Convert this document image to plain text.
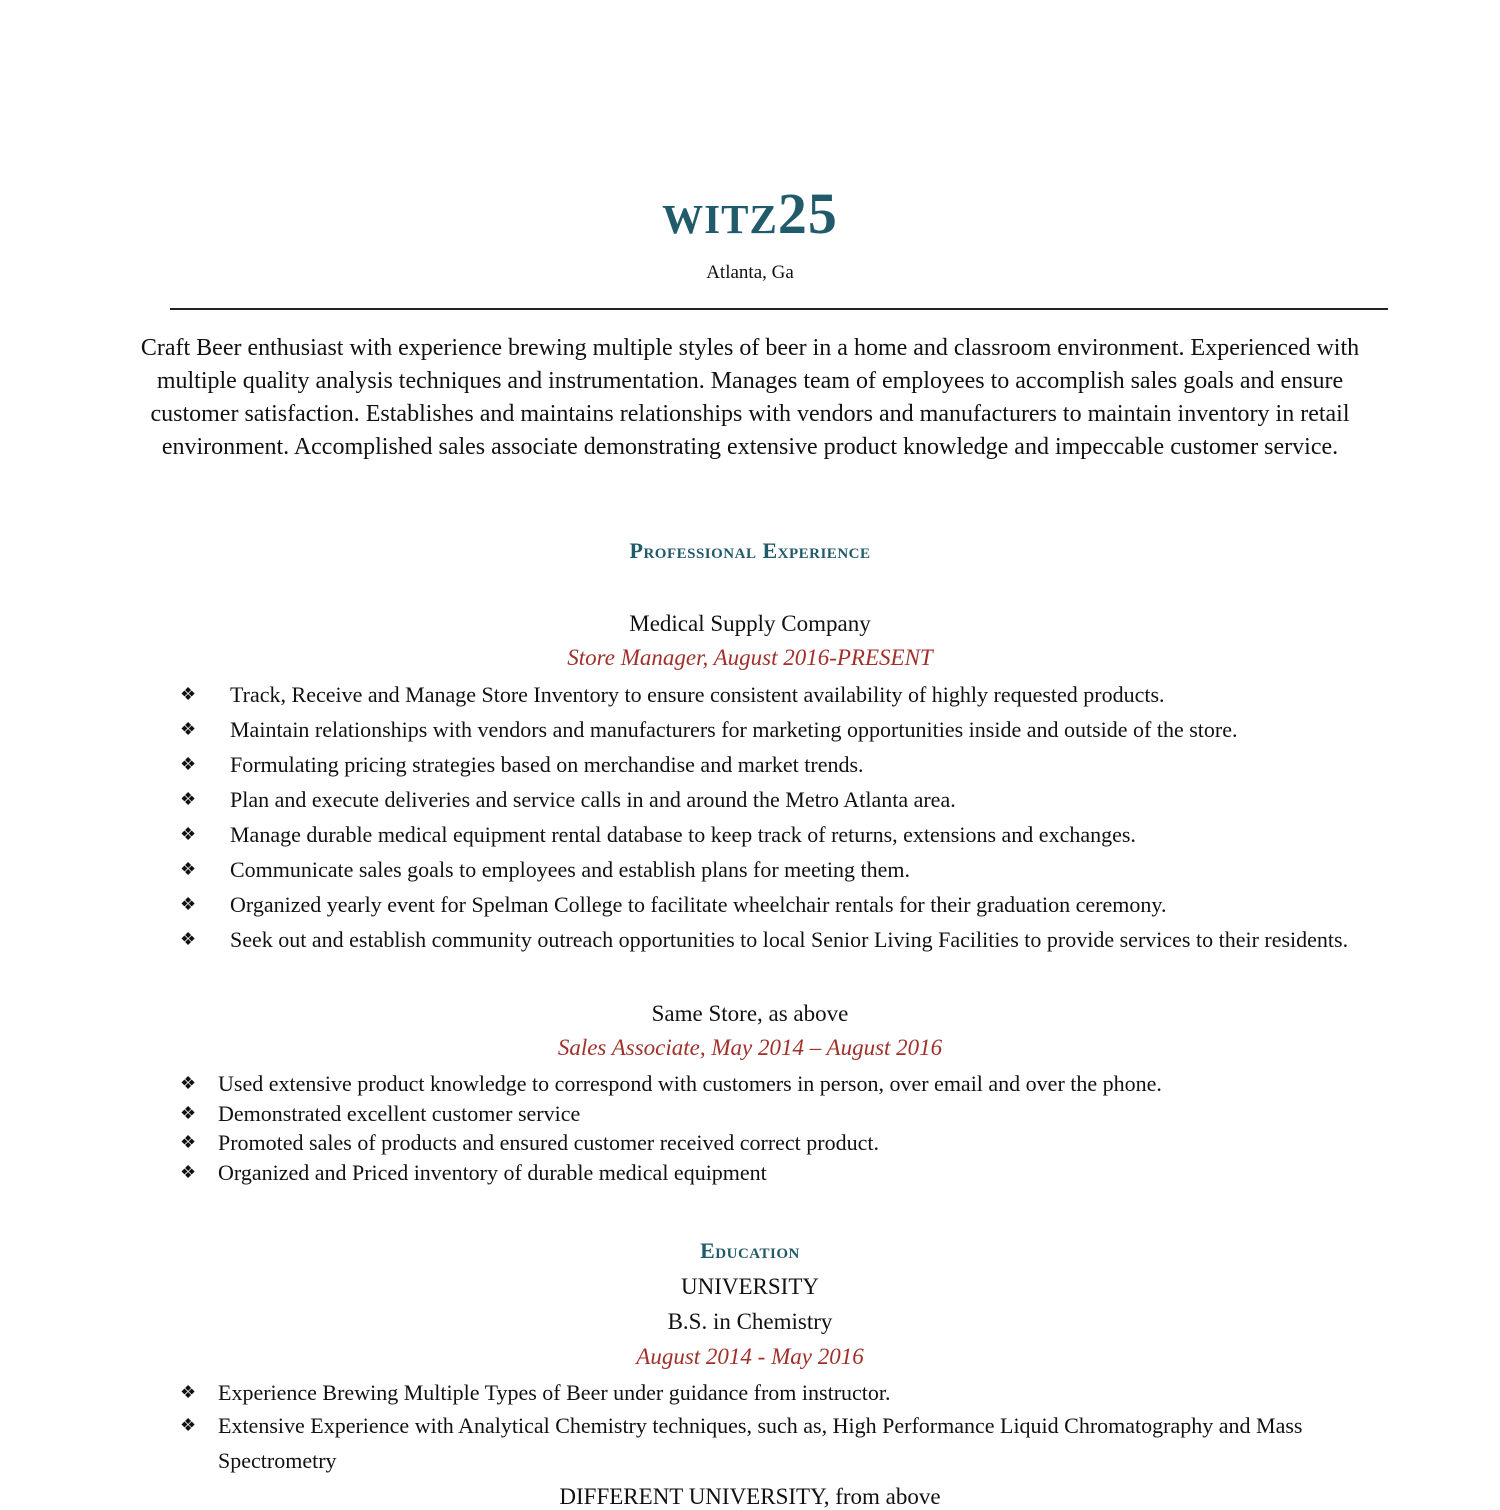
witz25
Atlanta, Ga
Craft Beer enthusiast with experience brewing multiple styles of beer in a home and classroom environment. Experienced with multiple quality analysis techniques and instrumentation. Manages team of employees to accomplish sales goals and ensure customer satisfaction. Establishes and maintains relationships with vendors and manufacturers to maintain inventory in retail environment. Accomplished sales associate demonstrating extensive product knowledge and impeccable customer service.
Professional Experience
Medical Supply Company
Store Manager, August 2016-PRESENT
❖ Track, Receive and Manage Store Inventory to ensure consistent availability of highly requested products.
❖ Maintain relationships with vendors and manufacturers for marketing opportunities inside and outside of the store.
❖ Formulating pricing strategies based on merchandise and market trends.
❖ Plan and execute deliveries and service calls in and around the Metro Atlanta area.
❖ Manage durable medical equipment rental database to keep track of returns, extensions and exchanges.
❖ Communicate sales goals to employees and establish plans for meeting them.
❖ Organized yearly event for Spelman College to facilitate wheelchair rentals for their graduation ceremony.
❖ Seek out and establish community outreach opportunities to local Senior Living Facilities to provide services to their residents.
Same Store, as above
Sales Associate, May 2014 – August 2016
❖ Used extensive product knowledge to correspond with customers in person, over email and over the phone.
❖ Demonstrated excellent customer service
❖ Promoted sales of products and ensured customer received correct product.
❖ Organized and Priced inventory of durable medical equipment
Education
UNIVERSITY
B.S. in Chemistry
August 2014 - May 2016
❖ Experience Brewing Multiple Types of Beer under guidance from instructor.
❖ Extensive Experience with Analytical Chemistry techniques, such as, High Performance Liquid Chromatography and Mass Spectrometry
DIFFERENT UNIVERSITY, from above
